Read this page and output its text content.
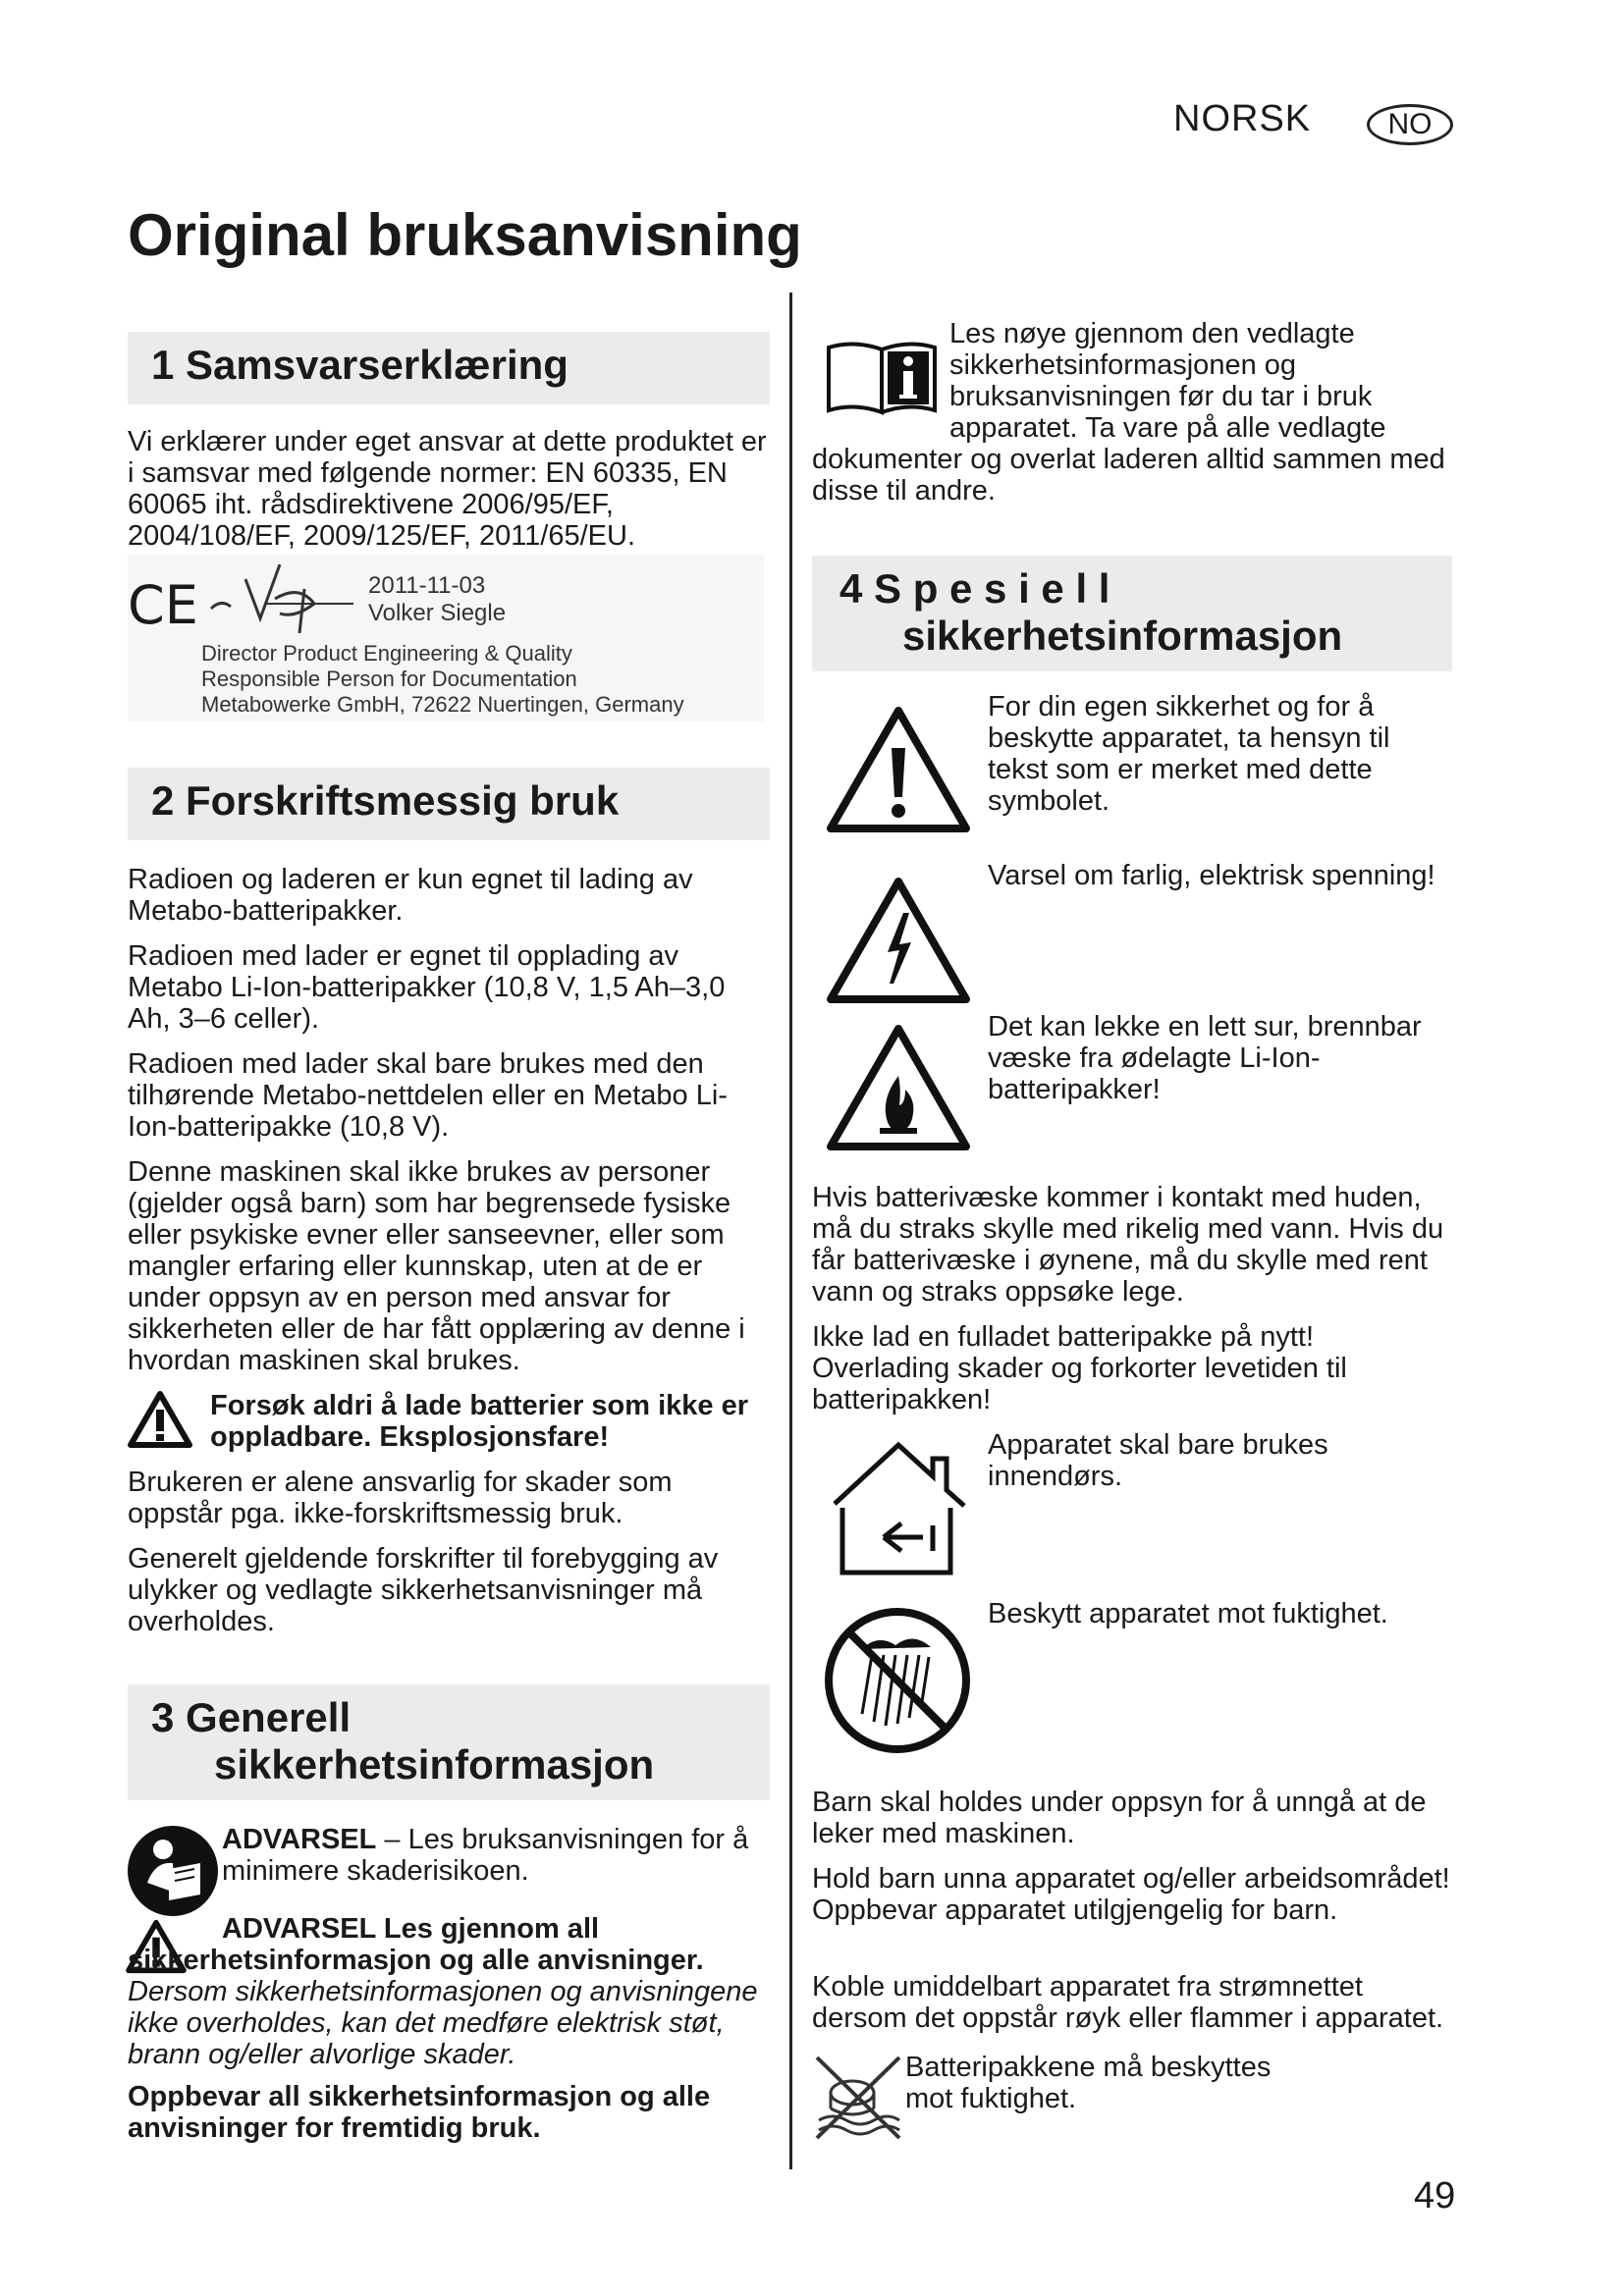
NORSK	NO
Original bruksanvisning
1 Samsvarserklæring

Vi erklærer under eget ansvar at dette produktet er i samsvar med følgende normer: EN 60335, EN 60065 iht. rådsdirektivene 2006/95/EF, 2004/108/EF, 2009/125/EF, 2011/65/EU.

CE	2011-11-03
Volker Siegle
Director Product Engineering & Quality
Responsible Person for Documentation
Metabowerke GmbH, 72622 Nuertingen, Germany
2 Forskriftsmessig bruk

Radioen og laderen er kun egnet til lading av Metabo-batteripakker.

Radioen med lader er egnet til opplading av Metabo Li-Ion-batteripakker (10,8 V, 1,5 Ah–3,0 Ah, 3–6 celler).

Radioen med lader skal bare brukes med den tilhørende Metabo-nettdelen eller en Metabo Li-Ion-batteripakke (10,8 V).

Denne maskinen skal ikke brukes av personer (gjelder også barn) som har begrensede fysiske eller psykiske evner eller sanseevner, eller som mangler erfaring eller kunnskap, uten at de er under oppsyn av en person med ansvar for sikkerheten eller de har fått opplæring av denne i hvordan maskinen skal brukes.

Forsøk aldri å lade batterier som ikke er oppladbare. Eksplosjonsfare!

Brukeren er alene ansvarlig for skader som oppstår pga. ikke-forskriftsmessig bruk.

Generelt gjeldende forskrifter til forebygging av ulykker og vedlagte sikkerhetsanvisninger må overholdes.

3 Generell
sikkerhetsinformasjon

ADVARSEL – Les bruksanvisningen for å minimere skaderisikoen.

ADVARSEL Les gjennom all sikkerhetsinformasjon og alle anvisninger. Dersom sikkerhetsinformasjonen og anvisningene ikke overholdes, kan det medføre elektrisk støt, brann og/eller alvorlige skader.

Oppbevar all sikkerhetsinformasjon og alle anvisninger for fremtidig bruk.

Les nøye gjennom den vedlagte sikkerhetsinformasjonen og bruksanvisningen før du tar i bruk apparatet. Ta vare på alle vedlagte dokumenter og overlat laderen alltid sammen med disse til andre.

4 S p e s i e l l
sikkerhetsinformasjon

For din egen sikkerhet og for å beskytte apparatet, ta hensyn til tekst som er merket med dette symbolet.

Varsel om farlig, elektrisk spenning!

Det kan lekke en lett sur, brennbar væske fra ødelagte Li-Ion-batteripakker!

Hvis batterivæske kommer i kontakt med huden, må du straks skylle med rikelig med vann. Hvis du får batterivæske i øynene, må du skylle med rent vann og straks oppsøke lege.

Ikke lad en fulladet batteripakke på nytt! Overlading skader og forkorter levetiden til batteripakken!

Apparatet skal bare brukes innendørs.

Beskytt apparatet mot fuktighet.

Barn skal holdes under oppsyn for å unngå at de leker med maskinen.

Hold barn unna apparatet og/eller arbeidsområdet! Oppbevar apparatet utilgjengelig for barn.

Koble umiddelbart apparatet fra strømnettet dersom det oppstår røyk eller flammer i apparatet.

Batteripakkene må beskyttes mot fuktighet.

49
